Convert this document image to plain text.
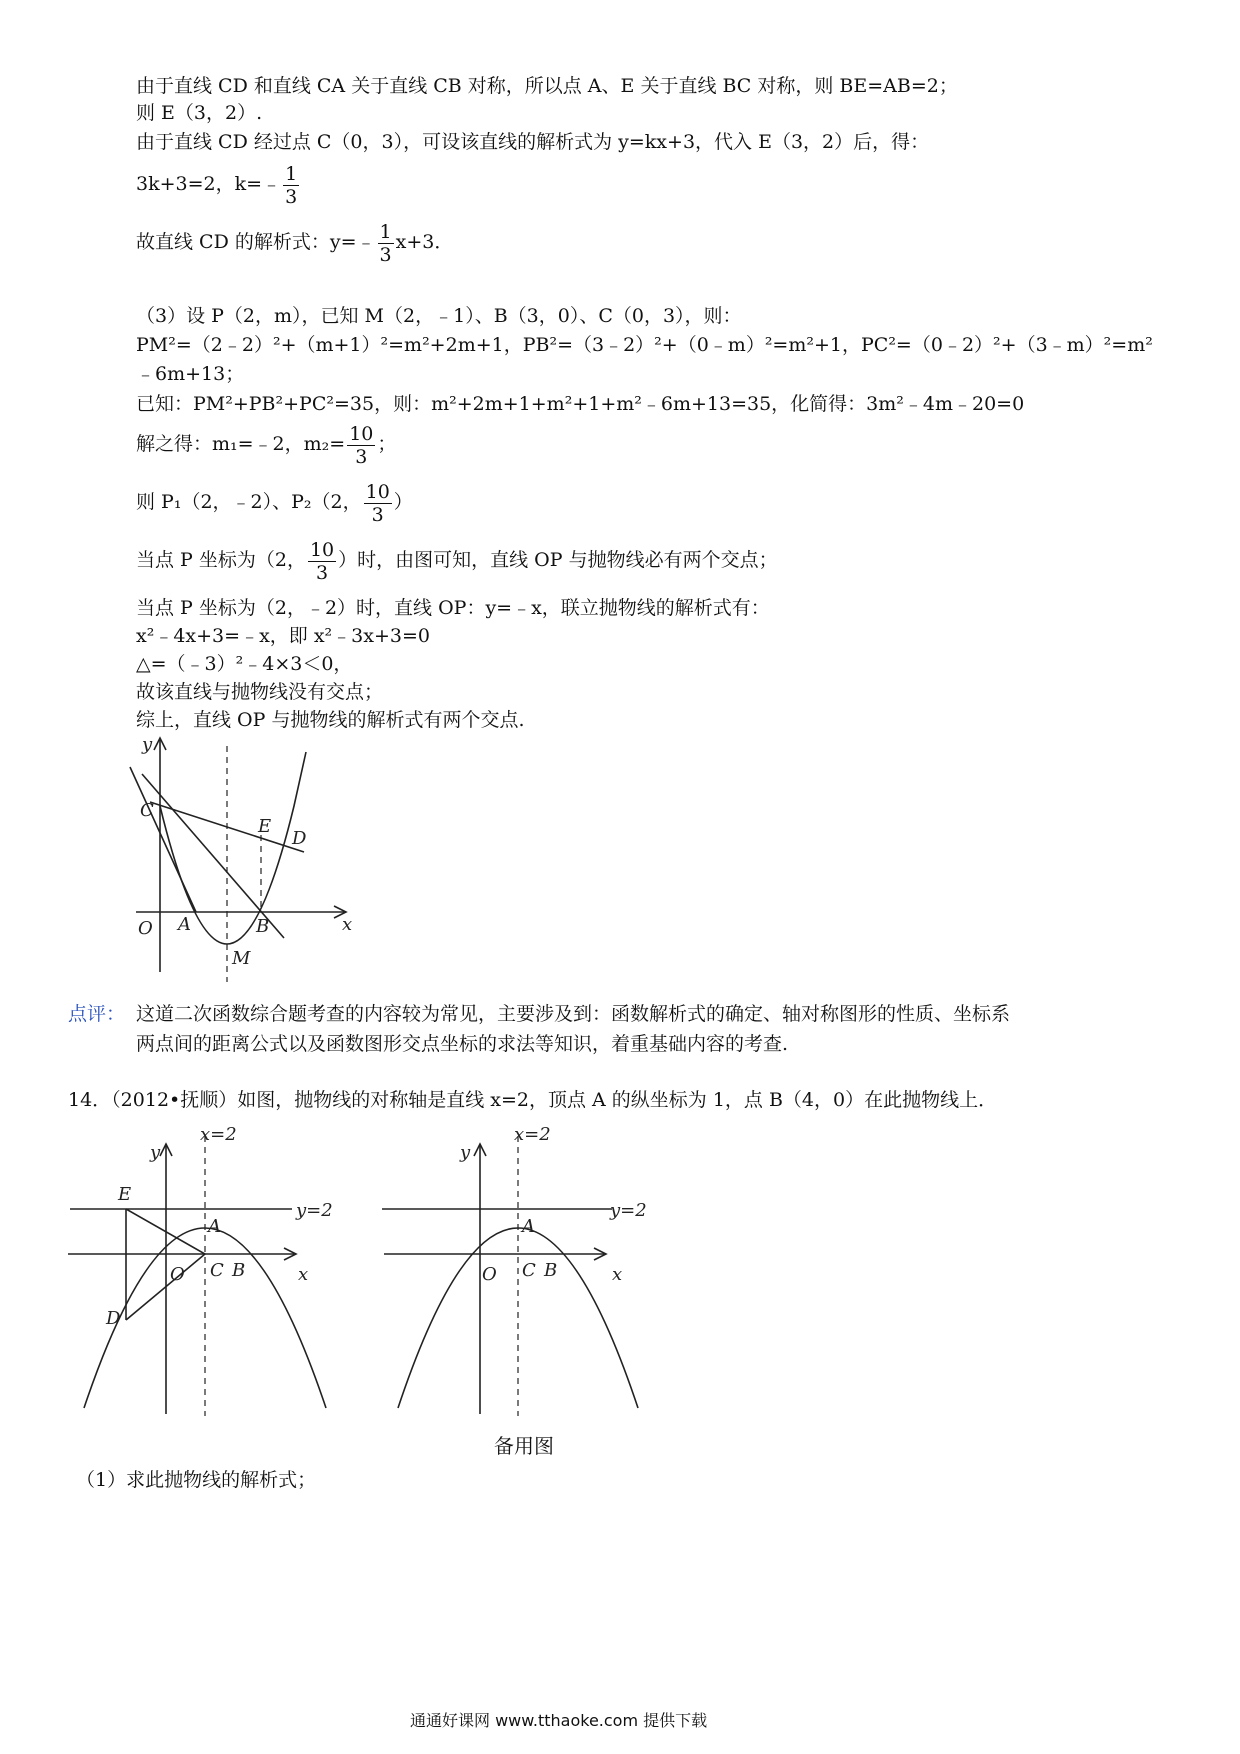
由于直线 CD 和直线 CA 关于直线 CB 对称，所以点 A、E 关于直线 BC 对称，则 BE=AB=2；
则 E（3，2）.
由于直线 CD 经过点 C（0，3），可设该直线的解析式为 y=kx+3，代入 E（3，2）后，得：
3k+3=2，k=﹣ $\frac{1}{3}$
故直线 CD 的解析式：y=﹣ $\frac{1}{3} x+3$．
（3）设 P（2，m），已知 M（2，﹣1）、B（3，0）、C（0，3），则：
PM²=（2﹣2）²+（m+1）²=m²+2m+1，PB²=（3﹣2）²+（0﹣m）²=m²+1，PC²=（0﹣2）²+（3﹣m）²=m²
﹣6m+13；
已知：PM²+PB²+PC²=35，则：m²+2m+1+m²+1+m²﹣6m+13=35，化简得：3m²﹣4m﹣20=0
解之得：m₁=﹣2，$m_2= \frac{10}{3}$ ；
则 P₁（2，﹣2）、P₂（2， $\frac{10}{3}$ ）
当点 P 坐标为（2， $\frac{10}{3}$ ）时，由图可知，直线 OP 与抛物线必有两个交点；
当点 P 坐标为（2，﹣2）时，直线 OP：y=﹣x，联立抛物线的解析式有：
x²﹣4x+3=﹣x，即 x²﹣3x+3=0
△=（﹣3）²﹣4×3＜0，
故该直线与抛物线没有交点；
综上，直线 OP 与抛物线的解析式有两个交点.
y
x
O A	B
C
D
E
M
点评： 这道二次函数综合题考查的内容较为常见，主要涉及到：函数解析式的确定、轴对称图形的性质、坐标系
两点间的距离公式以及函数图形交点坐标的求法等知识，着重基础内容的考查.
14．（2012•抚顺）如图，抛物线的对称轴是直线 x=2，顶点 A 的纵坐标为 1，点 B（4，0）在此抛物线上．
y
x=2
y=2
x
E
A
O C B
D
y
x=2
y=2
x
A
O C B
备用图
（1）求此抛物线的解析式；
通通好课网 www.tthaoke.com 提供下载
